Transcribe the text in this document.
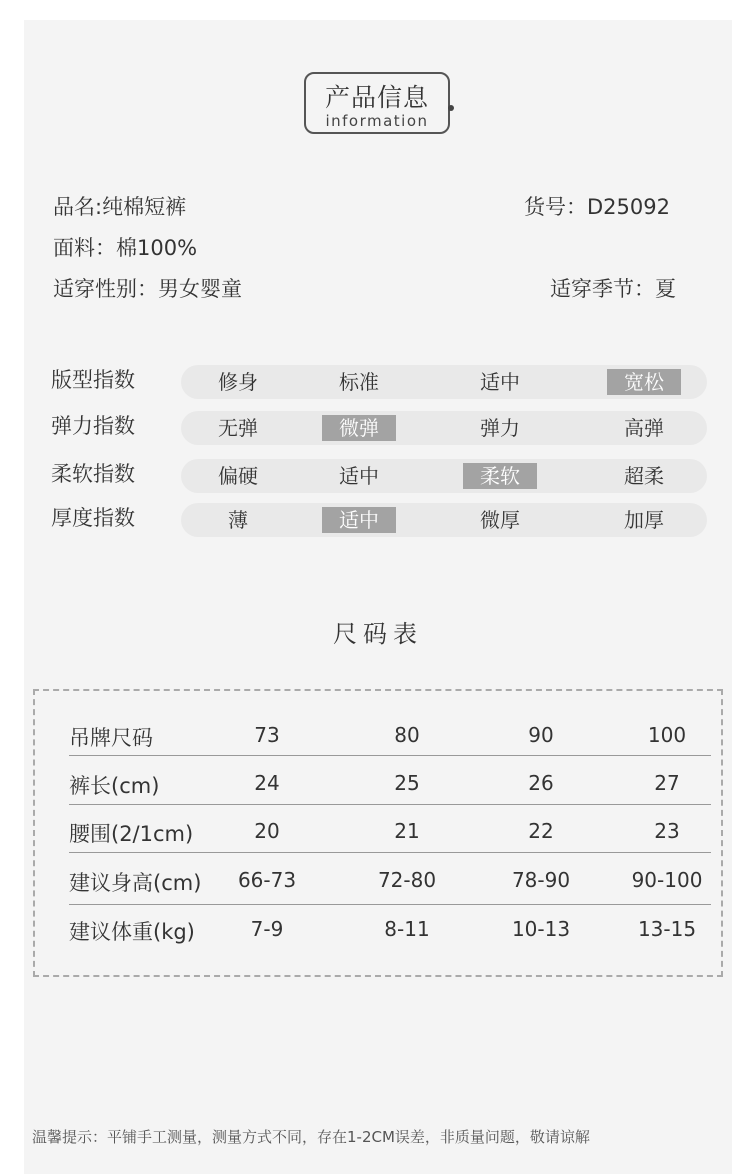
产品信息
information
品名:纯棉短裤	货号：D25092
面料：棉100%
适穿性别：男女婴童	适穿季节：夏
版型指数	修身	标准	适中	宽松
弹力指数	无弹	微弹	弹力	高弹
柔软指数	偏硬	适中	柔软	超柔
厚度指数	薄	适中	微厚	加厚
尺码表
吊牌尺码	73	80	90	100
裤长(cm)	24	25	26	27
腰围(2/1cm)	20	21	22	23
建议身高(cm) 66-73	72-80	78-90	90-100
建议体重(kg)	7-9	8-11	10-13	13-15
温馨提示：平铺手工测量，测量方式不同，存在1-2CM误差，非质量问题，敬请谅解
